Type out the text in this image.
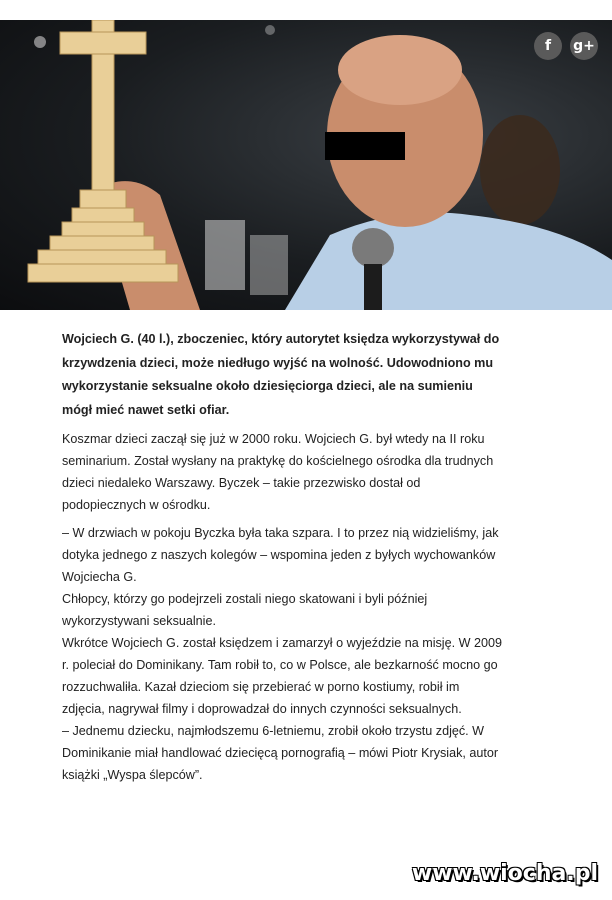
f	g+

Wojciech G. (40 l.), zboczeniec, który autorytet księdza wykorzystywał do krzywdzenia dzieci, może niedługo wyjść na wolność. Udowodniono mu wykorzystanie seksualne około dziesięciorga dzieci, ale na sumieniu mógł mieć nawet setki ofiar.

Koszmar dzieci zaczął się już w 2000 roku. Wojciech G. był wtedy na II roku seminarium. Został wysłany na praktykę do kościelnego ośrodka dla trudnych dzieci niedaleko Warszawy. Byczek – takie przezwisko dostał od podopiecznych w ośrodku.

– W drzwiach w pokoju Byczka była taka szpara. I to przez nią widzieliśmy, jak dotyka jednego z naszych kolegów – wspomina jeden z byłych wychowanków Wojciecha G.
Chłopcy, którzy go podejrzeli zostali niego skatowani i byli później wykorzystywani seksualnie.
Wkrótce Wojciech G. został księdzem i zamarzył o wyjeździe na misję. W 2009 r. poleciał do Dominikany. Tam robił to, co w Polsce, ale bezkarność mocno go rozzuchwaliła. Kazał dzieciom się przebierać w porno kostiumy, robił im zdjęcia, nagrywał filmy i doprowadzał do innych czynności seksualnych.
– Jednemu dziecku, najmłodszemu 6-letniemu, zrobił około trzystu zdjęć. W Dominikanie miał handlować dziecięcą pornografią – mówi Piotr Krysiak, autor książki „Wyspa ślepców”.

www.wiocha.pl
